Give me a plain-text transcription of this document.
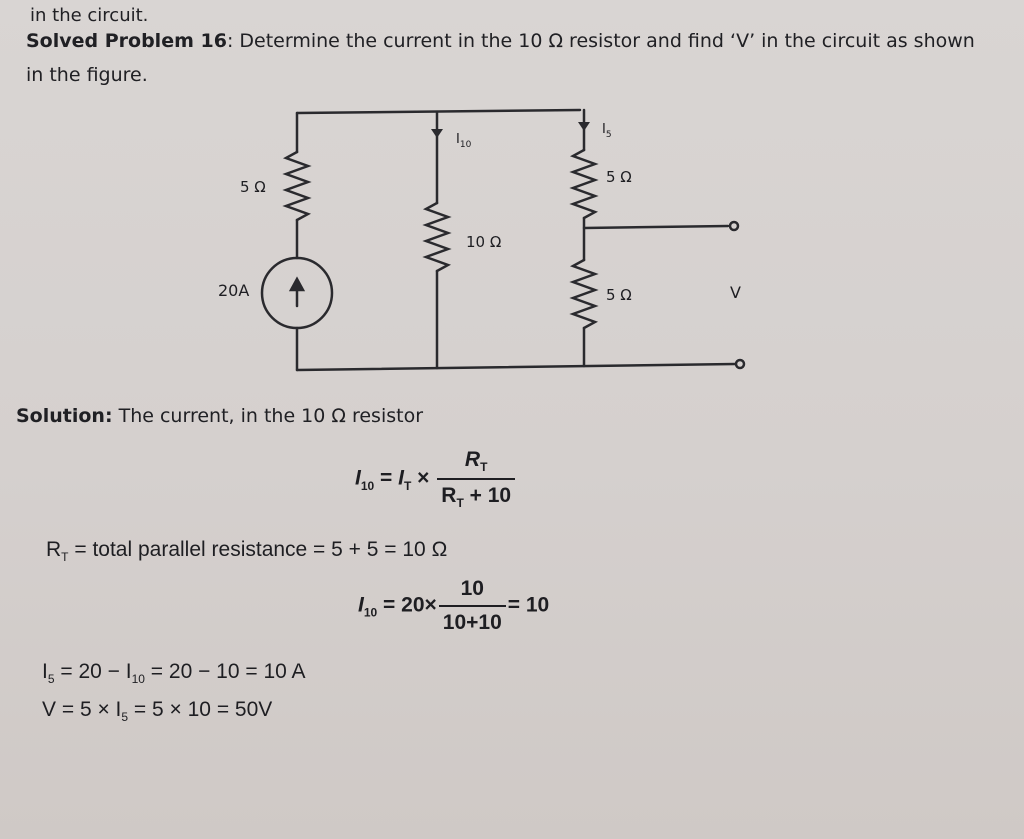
in the circuit.
Solved Problem 16: Determine the current in the 10 Ω resistor and find ‘V’ in the circuit as shown in the figure.
5 Ω
20A
$I_{10}$
10 Ω
$I_5$
5 Ω
5 Ω	V
Solution: The current, in the 10 Ω resistor
$I_{10} = I_T \times \frac{R_T}{R_T + 10}$
$R_T$ = total parallel resistance = 5 + 5 = 10 Ω
$I_{10} = 20\times \frac{10}{10+10} = 10$
$I_5 = 20 - I_{10} = 20 - 10 = 10$ A
$V = 5 \times I_5 = 5 \times 10 = 50V$
